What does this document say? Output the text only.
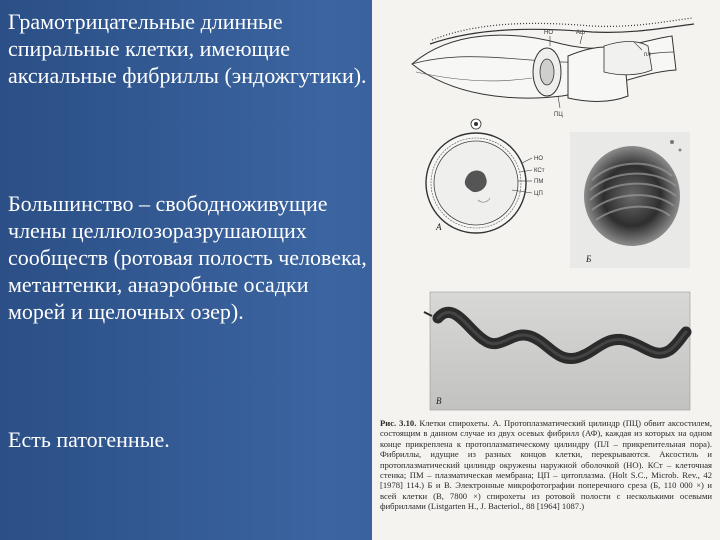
Грамотрицательные длинные спиральные клетки, имеющие аксиальные фибриллы (эндожгутики).

Большинство – свободноживущие члены целлюлозоразрушающих сообществ (ротовая полость человека, метантенки, анаэробные осадки морей и щелочных озер).

Есть патогенные.

НО	Аф
пл
ПЦ
НО
КСт
ПМ
ЦП
А
Б
В

Рис. 3.10. Клетки спирохеты. А. Протоплазматический цилиндр (ПЦ) обвит аксостилем, состоящим в данном случае из двух осевых фибрилл (АФ), каждая из которых на одном конце прикреплена к протоплазматическому цилиндру (ПЛ – прикрепительная пора). Фибриллы, идущие из разных концов клетки, перекрываются. Аксостиль и протоплазматический цилиндр окружены наружной оболочкой (НО). КСт – клеточная стенка; ПМ – плазматическая мембрана; ЦП – цитоплазма. (Holt S.C., Microb. Rev., 42 [1978] 114.) Б и В. Электронные микрофотографии поперечного среза (Б, 110 000 ×) и всей клетки (В, 7800 ×) спирохеты из ротовой полости с несколькими осевыми фибриллами (Listgarten H., J. Bacteriol., 88 [1964] 1087.)
